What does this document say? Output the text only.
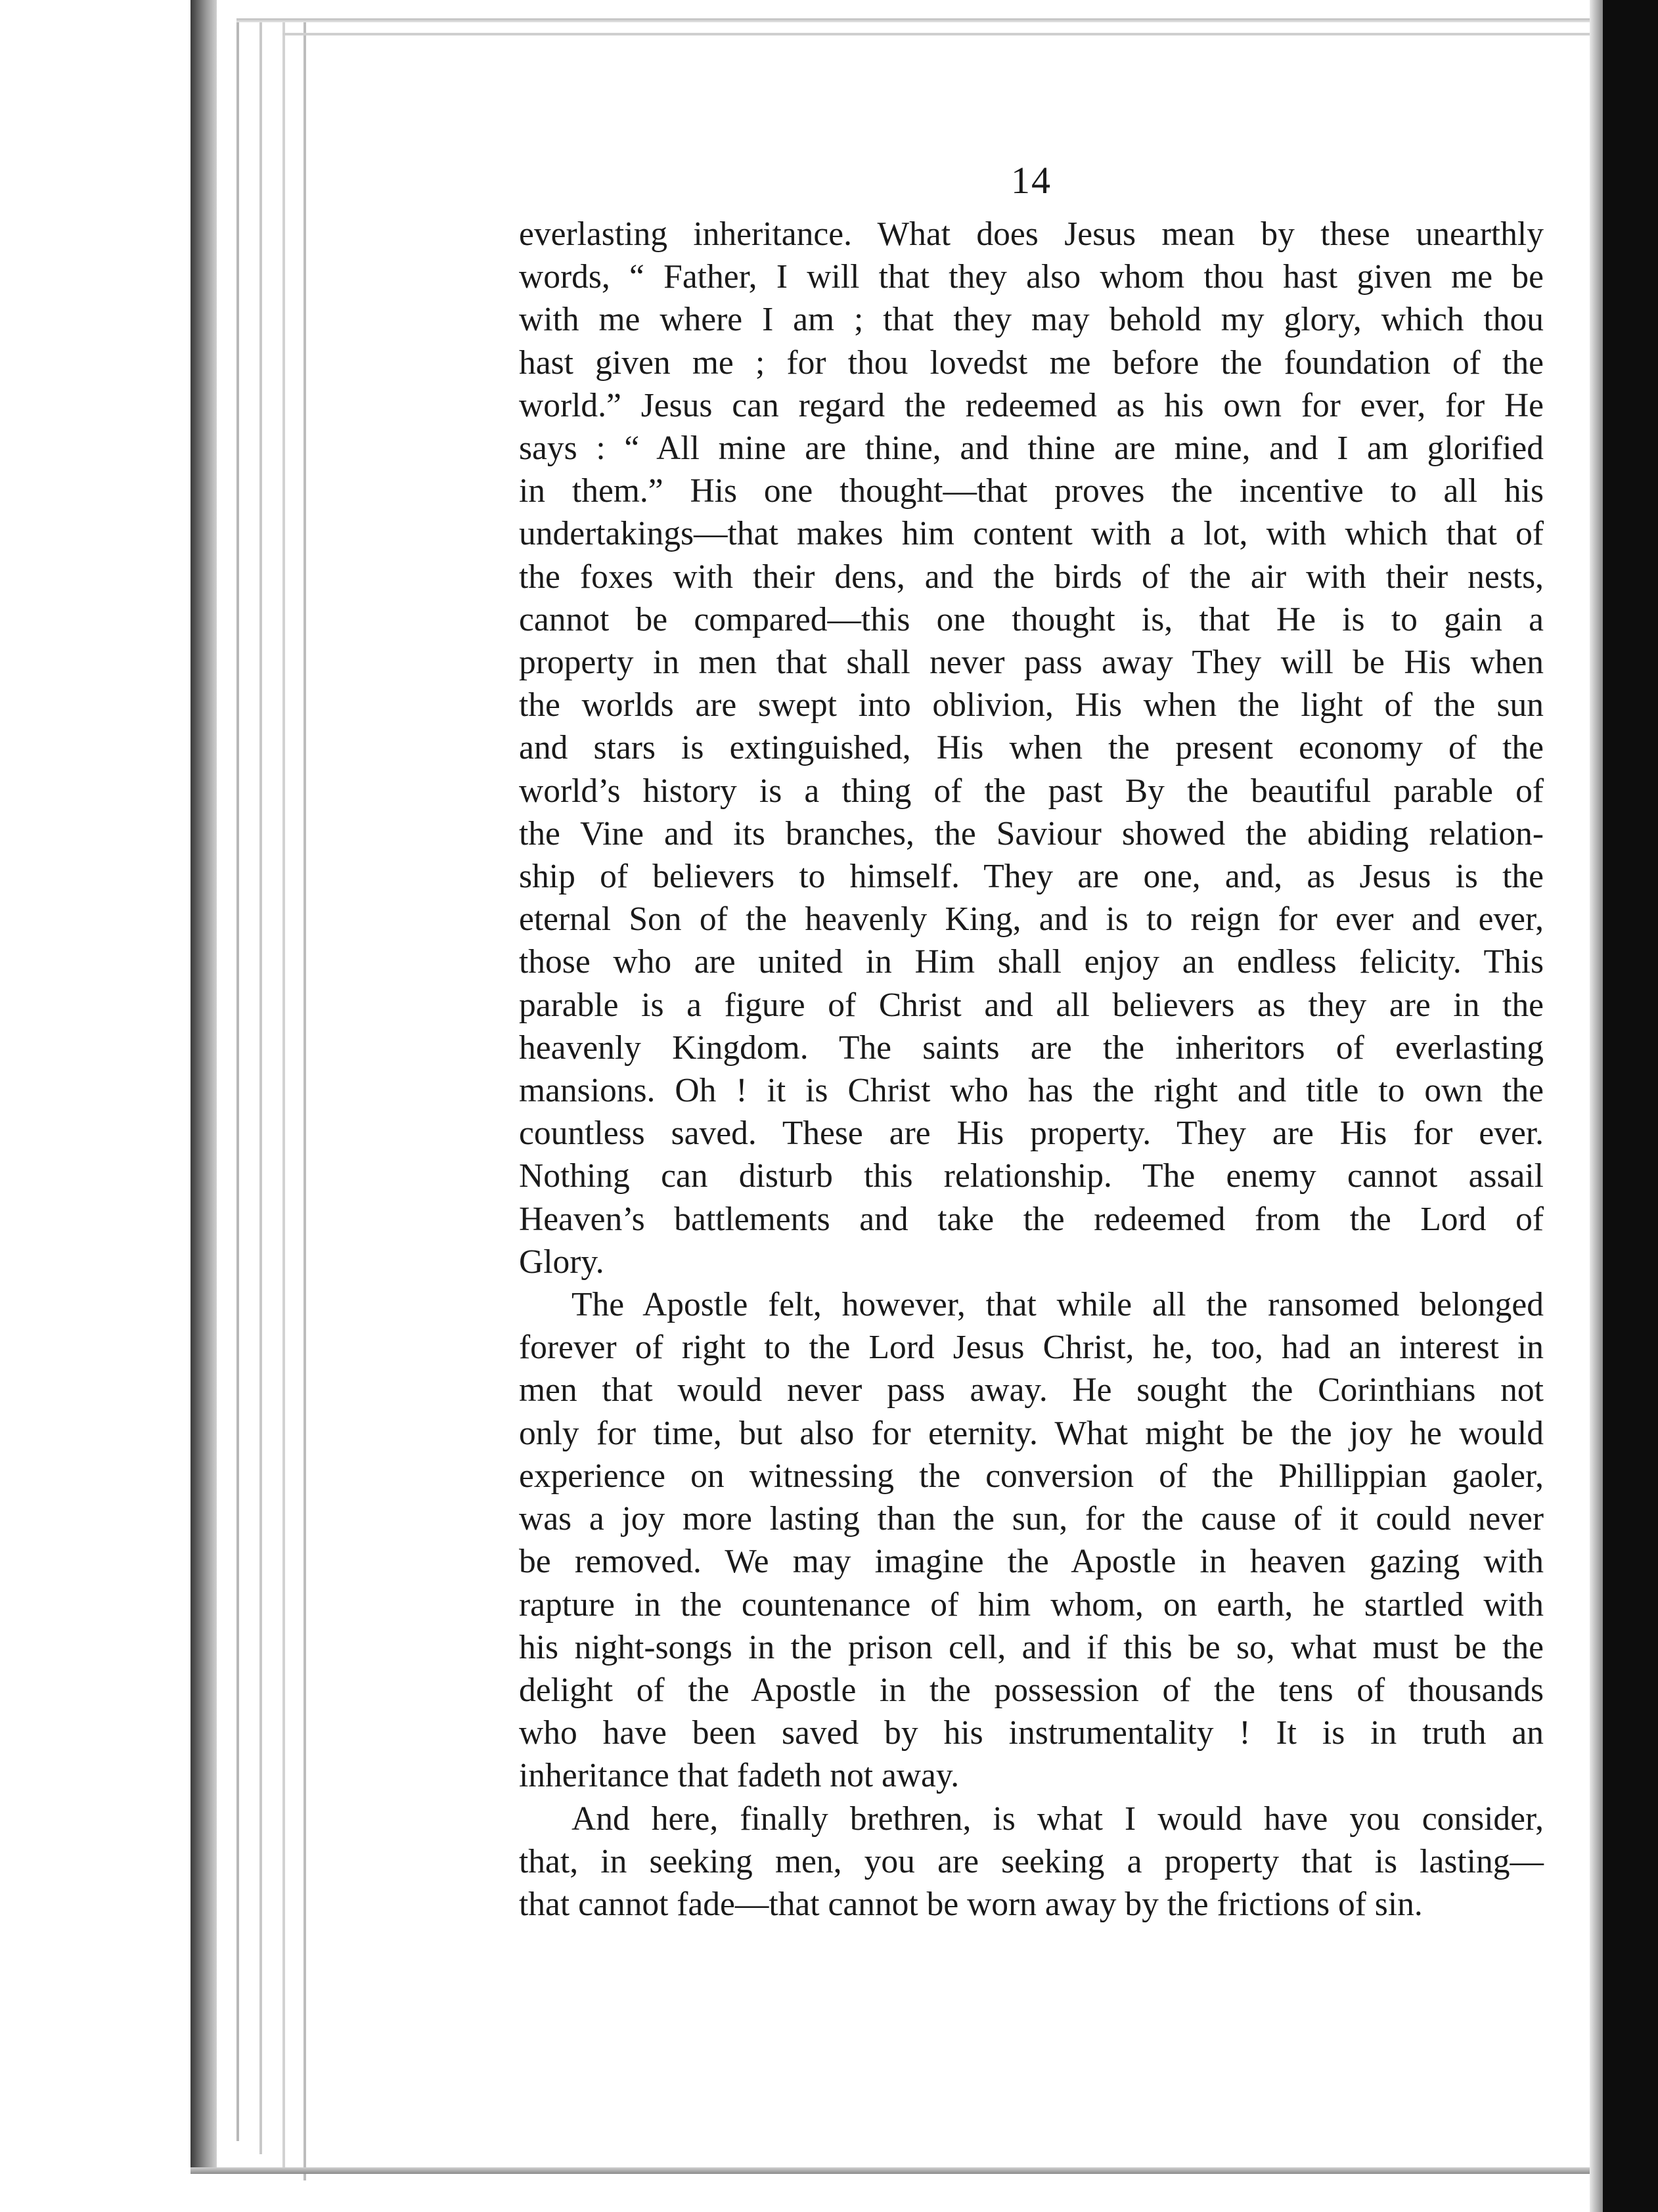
14
everlasting inheritance. What does Jesus mean by these unearthly
words, “ Father, I will that they also whom thou hast given me be
with me where I am ; that they may behold my glory, which thou
hast given me ; for thou lovedst me before the foundation of the
world.” Jesus can regard the redeemed as his own for ever, for He
says : “ All mine are thine, and thine are mine, and I am glorified
in them.” His one thought—that proves the incentive to all his
undertakings—that makes him content with a lot, with which that of
the foxes with their dens, and the birds of the air with their nests,
cannot be compared—this one thought is, that He is to gain a
property in men that shall never pass away They will be His when
the worlds are swept into oblivion, His when the light of the sun
and stars is extinguished, His when the present economy of the
world’s history is a thing of the past By the beautiful parable of
the Vine and its branches, the Saviour showed the abiding relation-
ship of believers to himself. They are one, and, as Jesus is the
eternal Son of the heavenly King, and is to reign for ever and ever,
those who are united in Him shall enjoy an endless felicity. This
parable is a figure of Christ and all believers as they are in the
heavenly Kingdom. The saints are the inheritors of everlasting
mansions. Oh ! it is Christ who has the right and title to own the
countless saved. These are His property. They are His for ever.
Nothing can disturb this relationship. The enemy cannot assail
Heaven’s battlements and take the redeemed from the Lord of
Glory.
The Apostle felt, however, that while all the ransomed belonged
forever of right to the Lord Jesus Christ, he, too, had an interest in
men that would never pass away. He sought the Corinthians not
only for time, but also for eternity. What might be the joy he would
experience on witnessing the conversion of the Phillippian gaoler,
was a joy more lasting than the sun, for the cause of it could never
be removed. We may imagine the Apostle in heaven gazing with
rapture in the countenance of him whom, on earth, he startled with
his night-songs in the prison cell, and if this be so, what must be the
delight of the Apostle in the possession of the tens of thousands
who have been saved by his instrumentality ! It is in truth an
inheritance that fadeth not away.
And here, finally brethren, is what I would have you consider,
that, in seeking men, you are seeking a property that is lasting—
that cannot fade—that cannot be worn away by the frictions of sin.
